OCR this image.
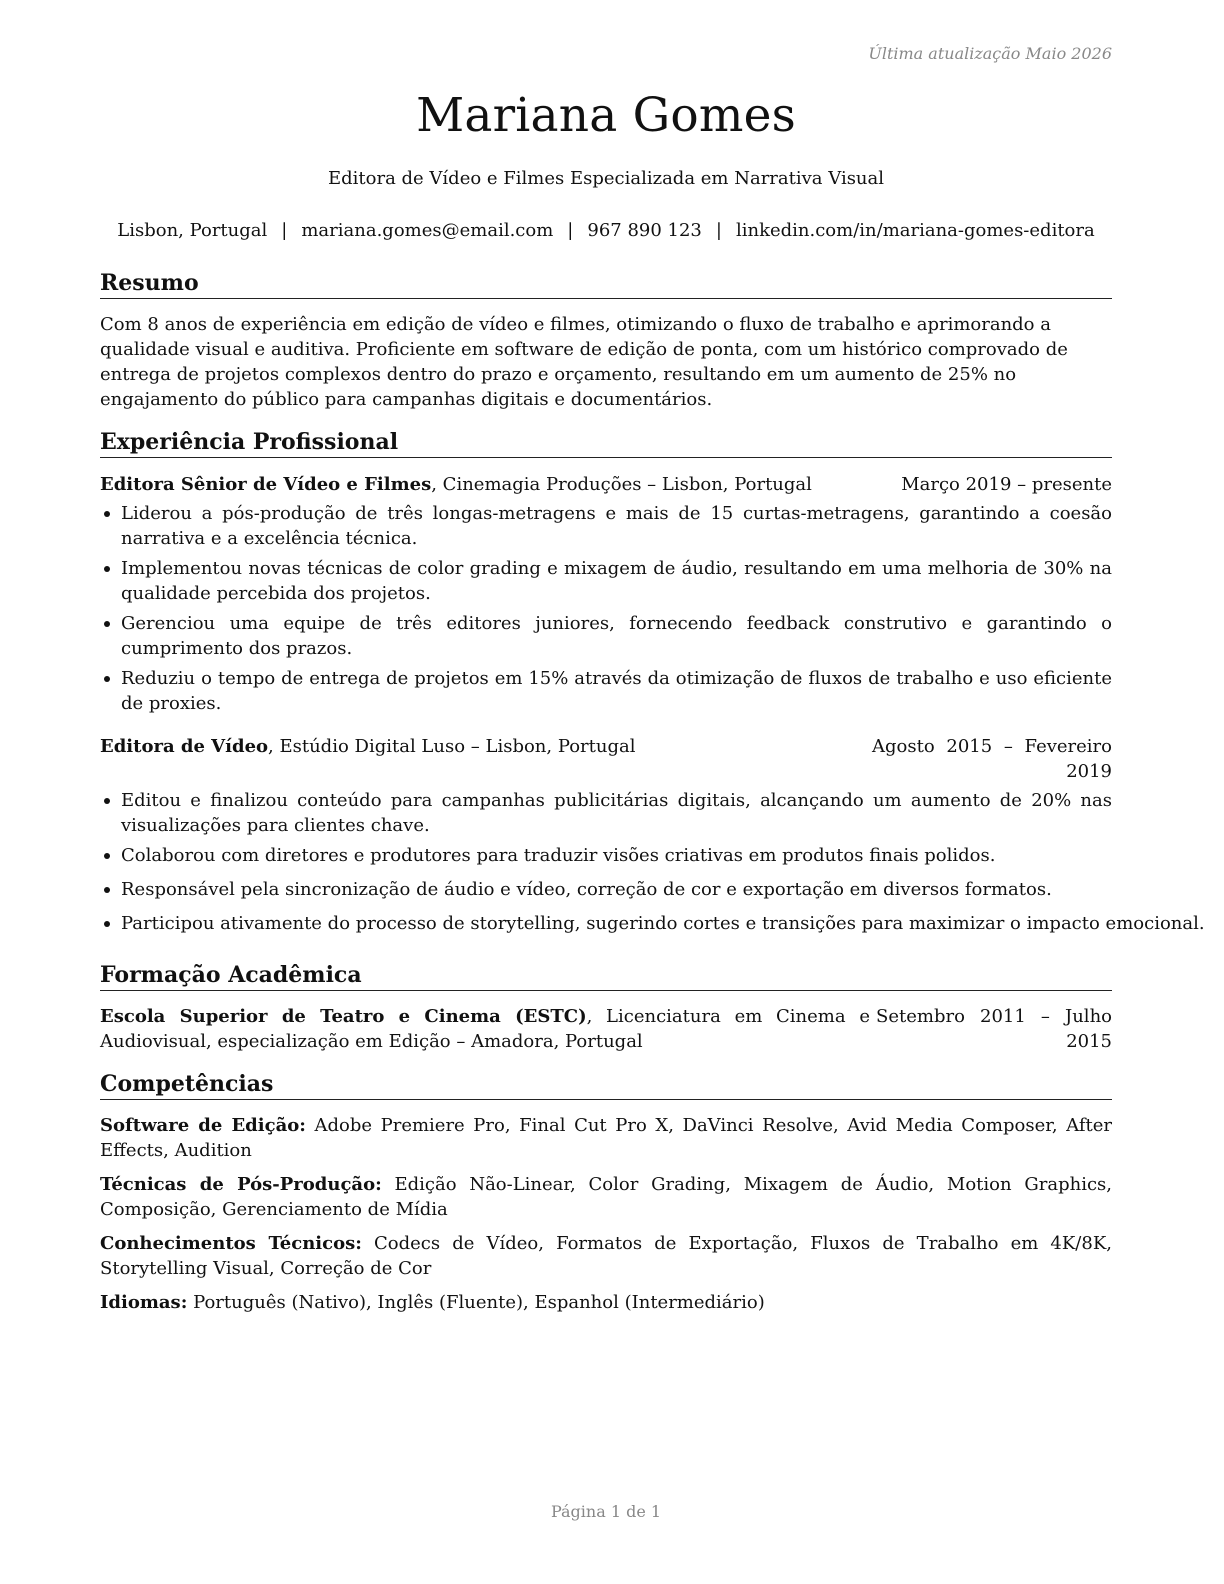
Última atualização Maio 2026
Mariana Gomes
Editora de Vídeo e Filmes Especializada em Narrativa Visual
Lisbon, Portugal | mariana.gomes@email.com | 967 890 123 | linkedin.com/in/mariana-gomes-editora
Resumo
Com 8 anos de experiência em edição de vídeo e filmes, otimizando o fluxo de trabalho e aprimorando a qualidade visual e auditiva. Proficiente em software de edição de ponta, com um histórico comprovado de entrega de projetos complexos dentro do prazo e orçamento, resultando em um aumento de 25% no engajamento do público para campanhas digitais e documentários.
Experiência Profissional
Editora Sênior de Vídeo e Filmes, Cinemagia Produções – Lisbon, Portugal	Março 2019 – presente
Liderou a pós-produção de três longas-metragens e mais de 15 curtas-metragens, garantindo a coesão narrativa e a excelência técnica.
Implementou novas técnicas de color grading e mixagem de áudio, resultando em uma melhoria de 30% na qualidade percebida dos projetos.
Gerenciou uma equipe de três editores juniores, fornecendo feedback construtivo e garantindo o cumprimento dos prazos.
Reduziu o tempo de entrega de projetos em 15% através da otimização de fluxos de trabalho e uso eficiente de proxies.
Editora de Vídeo, Estúdio Digital Luso – Lisbon, Portugal	Agosto 2015 – Fevereiro 2019
Editou e finalizou conteúdo para campanhas publicitárias digitais, alcançando um aumento de 20% nas visualizações para clientes chave.
Colaborou com diretores e produtores para traduzir visões criativas em produtos finais polidos.
Responsável pela sincronização de áudio e vídeo, correção de cor e exportação em diversos formatos.
Participou ativamente do processo de storytelling, sugerindo cortes e transições para maximizar o impacto emocional.
Formação Acadêmica
Escola Superior de Teatro e Cinema (ESTC), Licenciatura em Cinema e Audiovisual, especialização em Edição – Amadora, Portugal
Setembro 2011 – Julho 2015
Competências
Software de Edição: Adobe Premiere Pro, Final Cut Pro X, DaVinci Resolve, Avid Media Composer, After Effects, Audition
Técnicas de Pós-Produção: Edição Não-Linear, Color Grading, Mixagem de Áudio, Motion Graphics, Composição, Gerenciamento de Mídia
Conhecimentos Técnicos: Codecs de Vídeo, Formatos de Exportação, Fluxos de Trabalho em 4K/8K, Storytelling Visual, Correção de Cor
Idiomas: Português (Nativo), Inglês (Fluente), Espanhol (Intermediário)
Página 1 de 1
